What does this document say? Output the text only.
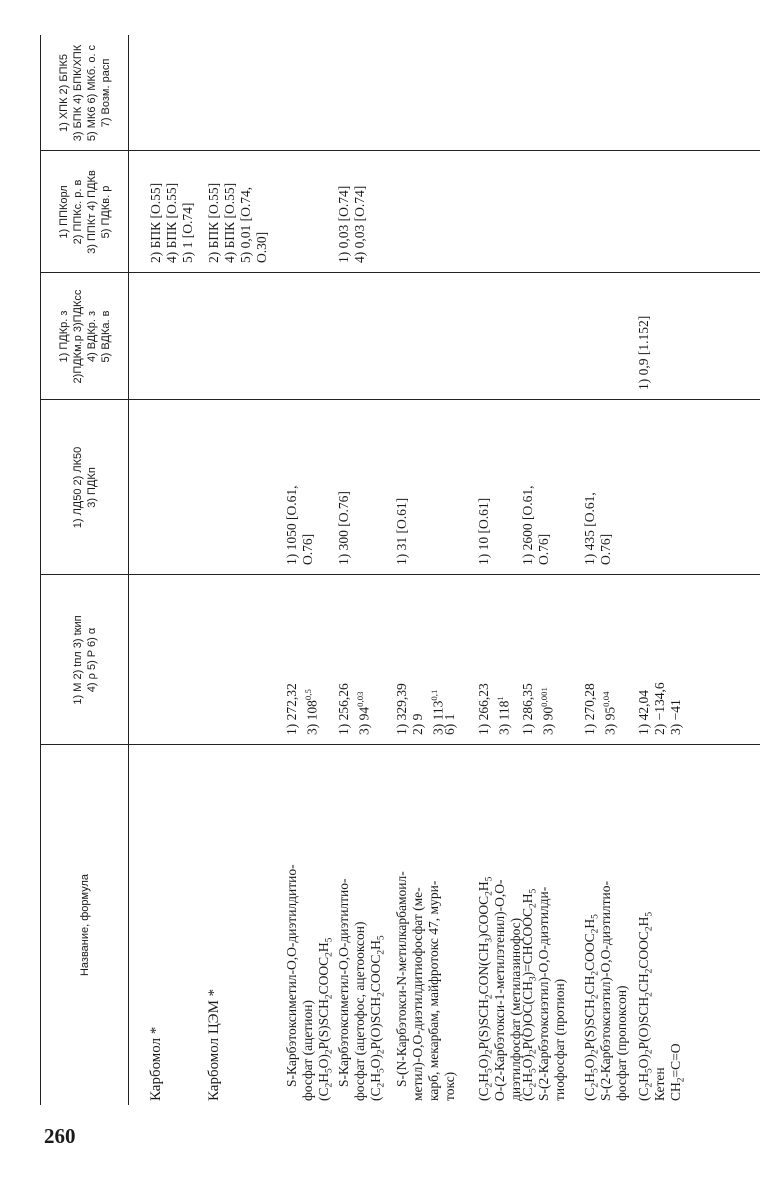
260
Название, формула
1) M 2) tпл 3) tкип 4) ρ 5) P 6) α
1) ЛД50 2) ЛК50 3) ПДКп
1) ПДКр. з 2)ПДКм.р 3)ПДКсс 4) ВДКр. з 5) ВДКа. в
1) ППКорл 2) ППКс. р. в 3) ППКт 4) ПДКв 5) ПДКв. р
1) ХПК 2) БПК5 3) БПК 4) БПК/ХПК 5) МК6 6) МКб. о. с 7) Возм. расп
Карбомол *
2) БПК [О.55] 4) БПК [О.55] 5) 1 [О.74]
Карбомол ЦЭМ *
2) БПК [О.55] 4) БПК [О.55] 5) 0,01 [О.74, О.30]
S-Карбэтоксиметил-О,О-диэтилдитио- фосфат (ацетион) $(C_2H_5O)_2P(S)SCH_2COOC_2H_5$
1) 272,32 3) 108$^{0,5}$
1) 1050 [О.61, О.76]
S-Карбэтоксиметил-О,О-диэтилтио- фосфат (ацетофос, ацетооксон) $(C_2H_5O)_2P(O)SCH_2COOC_2H_5$
1) 256,26 3) 94$^{0,03}$
1) 300 [О.76]
1) 0,03 [О.74] 4) 0,03 [О.74]
S-(N-Карбэтокси-N-метилкарбамоил- метил)-О,О-диэтилдитиофосфат (ме- карб, мекарбам, майфротокс 47, мури- токс)
1) 329,39 2) 9 3) 113$^{0,1}$
6) 1
1) 31 [О.61]
$(C_2H_5O)_2P(S)SCH_2CON(CH_3)COOC_2H_5$
О-(2-Карбэтокси-1-метилэтенил)-О,О- диэтилфосфат (метилазинофос)
1) 266,23 3) $118^1$
1) 10 [О.61]
$(C_2H_5O)_2P(O)OC(CH_3)=CHCOOC_2H_5$
S-(2-Карбэтоксиэтил)-О,О-диэтилди- тиофосфат (протион)
1) 286,35 3) 90$^{0,001}$
1) 2600 [О.61, О.76]
$(C_2H_5O)_2P(S)SCH_2CH_2COOC_2H_5$
S-(2-Карбэтоксиэтил)-О,О-диэтилтио- фосфат (пропоксон)
1) 270,28 3) 95$^{0,04}$
1) 435 [О.61, О.76]
$(C_2H_5O)_2P(O)SCH_2CH_2COOC_2H_5$
Кетен $CH_2=C=O$
1) 42,04 2) −134,6 3) −41
1) 0,9 [1.152]
